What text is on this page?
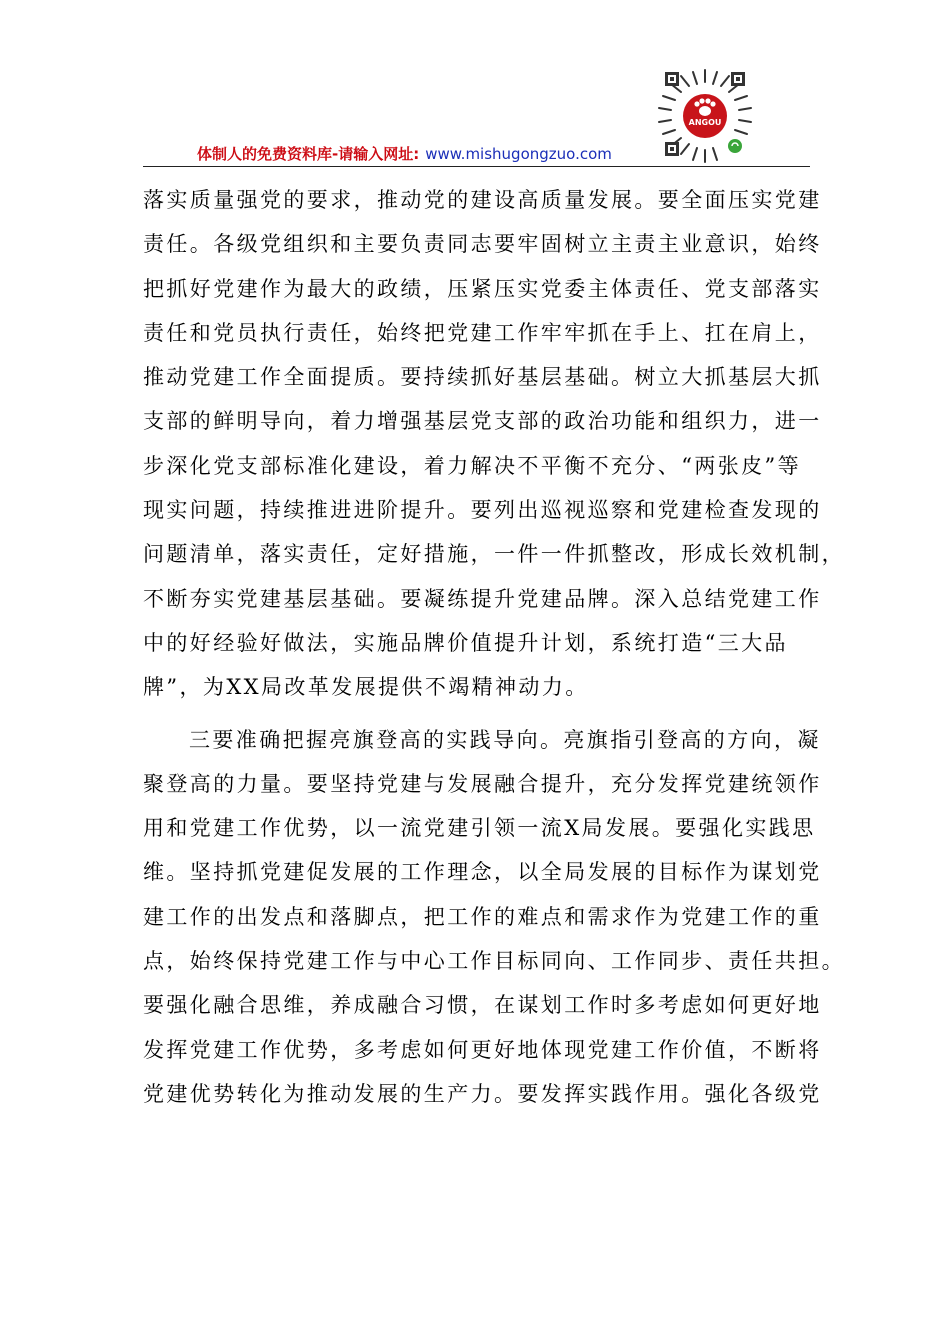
ANGOU
体制人的免费资料库-请输入网址: www.mishugongzuo.com
落实质量强党的要求，推动党的建设高质量发展。要全面压实党建
责任。各级党组织和主要负责同志要牢固树立主责主业意识，始终
把抓好党建作为最大的政绩，压紧压实党委主体责任、党支部落实
责任和党员执行责任，始终把党建工作牢牢抓在手上、扛在肩上，
推动党建工作全面提质。要持续抓好基层基础。树立大抓基层大抓
支部的鲜明导向，着力增强基层党支部的政治功能和组织力，进一
步深化党支部标准化建设，着力解决不平衡不充分、“两张皮”等
现实问题，持续推进进阶提升。要列出巡视巡察和党建检查发现的
问题清单，落实责任，定好措施，一件一件抓整改，形成长效机制，
不断夯实党建基层基础。要凝练提升党建品牌。深入总结党建工作
中的好经验好做法，实施品牌价值提升计划，系统打造“三大品
牌”，为XX局改革发展提供不竭精神动力。
三要准确把握亮旗登高的实践导向。亮旗指引登高的方向，凝
聚登高的力量。要坚持党建与发展融合提升，充分发挥党建统领作
用和党建工作优势，以一流党建引领一流X局发展。要强化实践思
维。坚持抓党建促发展的工作理念，以全局发展的目标作为谋划党
建工作的出发点和落脚点，把工作的难点和需求作为党建工作的重
点，始终保持党建工作与中心工作目标同向、工作同步、责任共担。
要强化融合思维，养成融合习惯，在谋划工作时多考虑如何更好地
发挥党建工作优势，多考虑如何更好地体现党建工作价值，不断将
党建优势转化为推动发展的生产力。要发挥实践作用。强化各级党
